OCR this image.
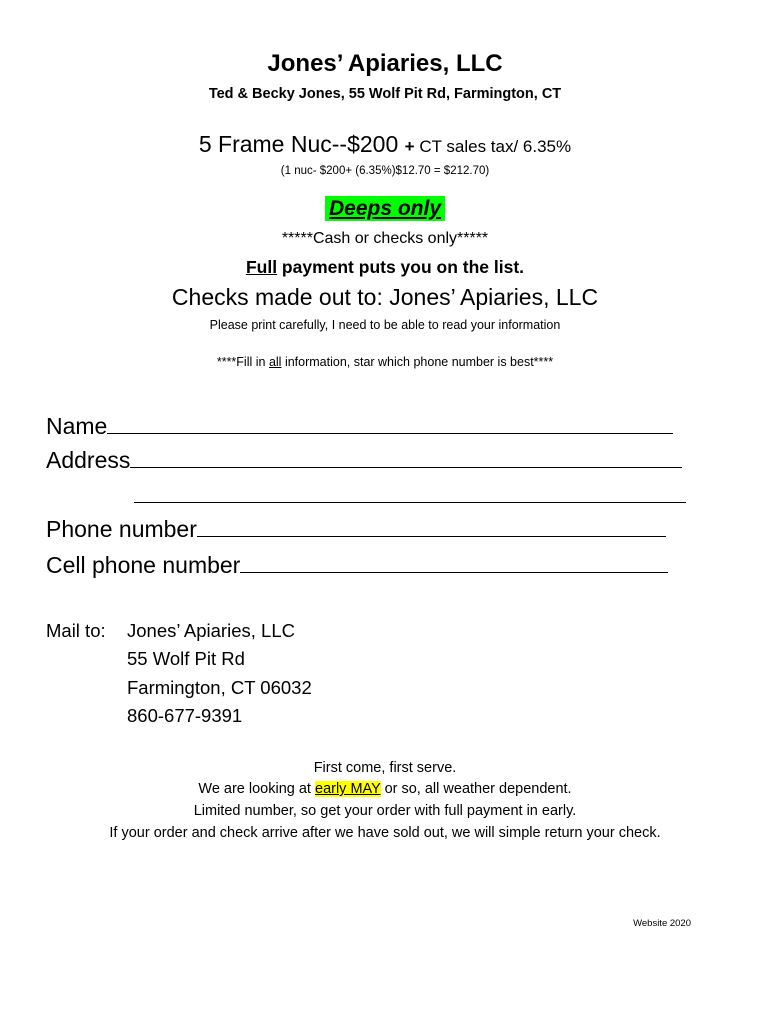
Jones’ Apiaries, LLC
Ted & Becky Jones, 55 Wolf Pit Rd, Farmington, CT
5 Frame Nuc--$200 + CT sales tax/ 6.35%
(1 nuc- $200+ (6.35%)$12.70 = $212.70)
Deeps only
*****Cash or checks only*****
Full payment puts you on the list.
Checks made out to: Jones’ Apiaries, LLC
Please print carefully, I need to be able to read your information
****Fill in all information, star which phone number is best****
Name
Address
Phone number
Cell phone number
Mail to: Jones’ Apiaries, LLC
55 Wolf Pit Rd
Farmington, CT 06032
860-677-9391
First come, first serve.
We are looking at early MAY or so, all weather dependent.
Limited number, so get your order with full payment in early.
If your order and check arrive after we have sold out, we will simple return your check.
Website 2020
